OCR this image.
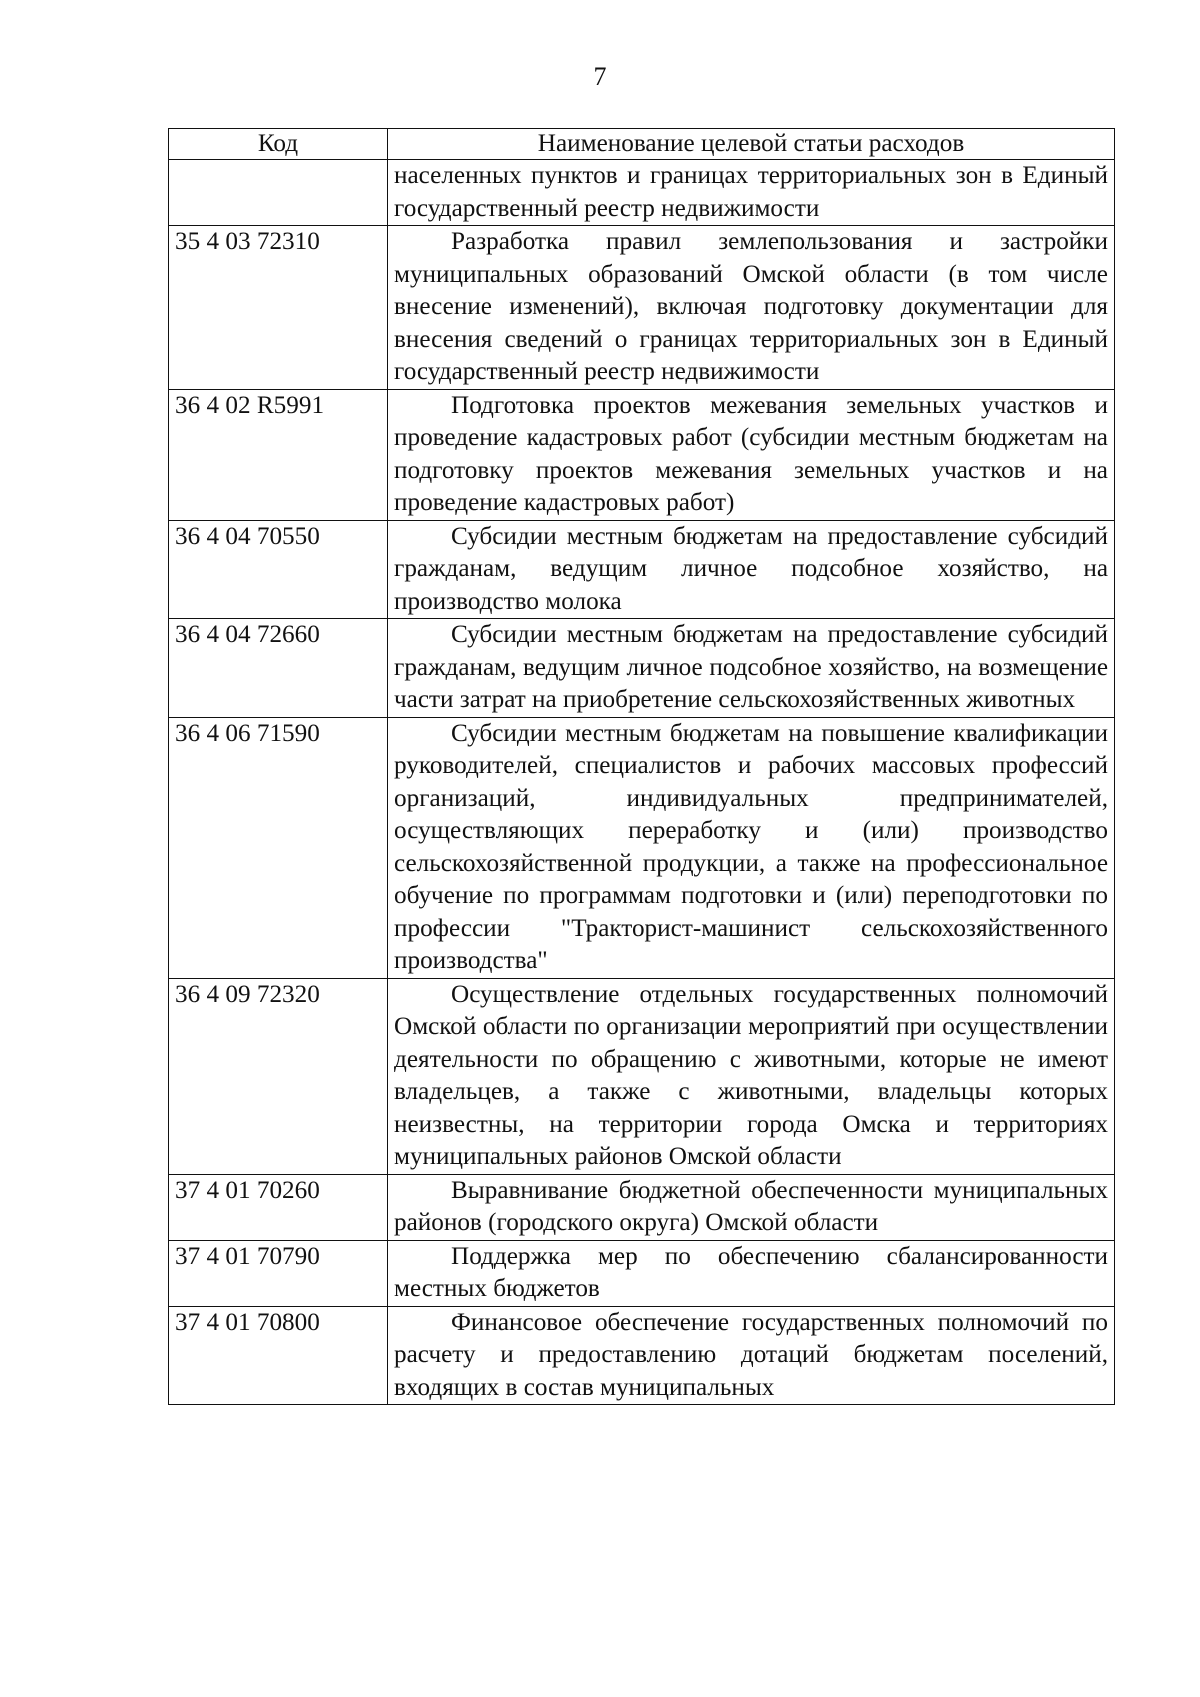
7
Код	Наименование целевой статьи расходов

	населенных пунктов и границах территориальных зон в Единый государственный реестр недвижимости

35 4 03 72310	Разработка правил землепользования и застройки муниципальных образований Омской области (в том числе внесение изменений), включая подготовку документации для внесения сведений о границах территориальных зон в Единый государственный реестр недвижимости

36 4 02 R5991	Подготовка проектов межевания земельных участков и проведение кадастровых работ (субсидии местным бюджетам на подготовку проектов межевания земельных участков и на проведение кадастровых работ)

36 4 04 70550	Субсидии местным бюджетам на предоставление субсидий гражданам, ведущим личное подсобное хозяйство, на производство молока

36 4 04 72660	Субсидии местным бюджетам на предоставление субсидий гражданам, ведущим личное подсобное хозяйство, на возмещение части затрат на приобретение сельскохозяйственных животных

36 4 06 71590	Субсидии местным бюджетам на повышение квалификации руководителей, специалистов и рабочих массовых профессий организаций, индивидуальных предпринимателей, осуществляющих переработку и (или) производство сельскохозяйственной продукции, а также на профессиональное обучение по программам подготовки и (или) переподготовки по профессии "Тракторист-машинист сельскохозяйственного производства"

36 4 09 72320	Осуществление отдельных государственных полномочий Омской области по организации мероприятий при осуществлении деятельности по обращению с животными, которые не имеют владельцев, а также с животными, владельцы которых неизвестны, на территории города Омска и территориях муниципальных районов Омской области

37 4 01 70260	Выравнивание бюджетной обеспеченности муниципальных районов (городского округа) Омской области

37 4 01 70790	Поддержка мер по обеспечению сбалансированности местных бюджетов

37 4 01 70800	Финансовое обеспечение государственных полномочий по расчету и предоставлению дотаций бюджетам поселений, входящих в состав муниципальных
